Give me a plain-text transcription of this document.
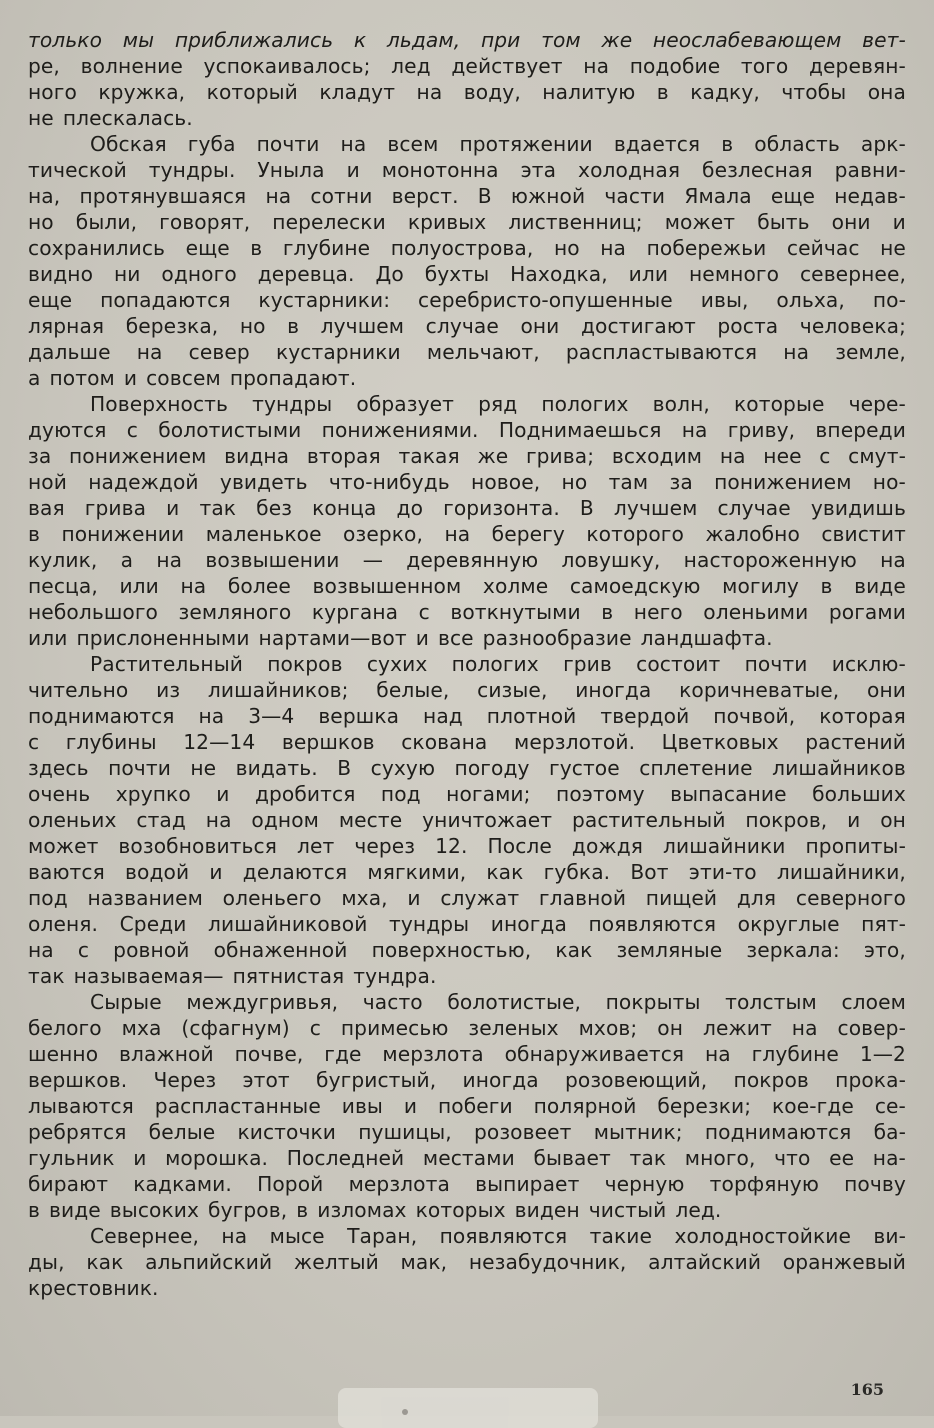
только мы приближались к льдам, при том же неослабевающем вет-
ре, волнение успокаивалось; лед действует на подобие того деревян-
ного кружка, который кладут на воду, налитую в кадку, чтобы она
не плескалась.
Обская губа почти на всем протяжении вдается в область арк-
тической тундры. Уныла и монотонна эта холодная безлесная равни-
на, протянувшаяся на сотни верст. В южной части Ямала еще недав-
но были, говорят, перелески кривых лиственниц; может быть они и
сохранились еще в глубине полуострова, но на побережьи сейчас не
видно ни одного деревца. До бухты Находка, или немного севернее,
еще попадаются кустарники: серебристо-опушенные ивы, ольха, по-
лярная березка, но в лучшем случае они достигают роста человека;
дальше на север кустарники мельчают, распластываются на земле,
а потом и совсем пропадают.
Поверхность тундры образует ряд пологих волн, которые чере-
дуются с болотистыми понижениями. Поднимаешься на гриву, впереди
за понижением видна вторая такая же грива; всходим на нее с смут-
ной надеждой увидеть что-нибудь новое, но там за понижением но-
вая грива и так без конца до горизонта. В лучшем случае увидишь
в понижении маленькое озерко, на берегу которого жалобно свистит
кулик, а на возвышении — деревянную ловушку, настороженную на
песца, или на более возвышенном холме самоедскую могилу в виде
небольшого земляного кургана с воткнутыми в него оленьими рогами
или прислоненными нартами—вот и все разнообразие ландшафта.
Растительный покров сухих пологих грив состоит почти исклю-
чительно из лишайников; белые, сизые, иногда коричневатые, они
поднимаются на 3—4 вершка над плотной твердой почвой, которая
с глубины 12—14 вершков скована мерзлотой. Цветковых растений
здесь почти не видать. В сухую погоду густое сплетение лишайников
очень хрупко и дробится под ногами; поэтому выпасание больших
оленьих стад на одном месте уничтожает растительный покров, и он
может возобновиться лет через 12. После дождя лишайники пропиты-
ваются водой и делаются мягкими, как губка. Вот эти-то лишайники,
под названием оленьего мха, и служат главной пищей для северного
оленя. Среди лишайниковой тундры иногда появляются округлые пят-
на с ровной обнаженной поверхностью, как земляные зеркала: это,
так называемая— пятнистая тундра.
Сырые междугривья, часто болотистые, покрыты толстым слоем
белого мха (сфагнум) с примесью зеленых мхов; он лежит на совер-
шенно влажной почве, где мерзлота обнаруживается на глубине 1—2
вершков. Через этот бугристый, иногда розовеющий, покров прока-
лываются распластанные ивы и побеги полярной березки; кое-где се-
ребрятся белые кисточки пушицы, розовеет мытник; поднимаются ба-
гульник и морошка. Последней местами бывает так много, что ее на-
бирают кадками. Порой мерзлота выпирает черную торфяную почву
в виде высоких бугров, в изломах которых виден чистый лед.
Севернее, на мысе Таран, появляются такие холодностойкие ви-
ды, как альпийский желтый мак, незабудочник, алтайский оранжевый
крестовник.
165
